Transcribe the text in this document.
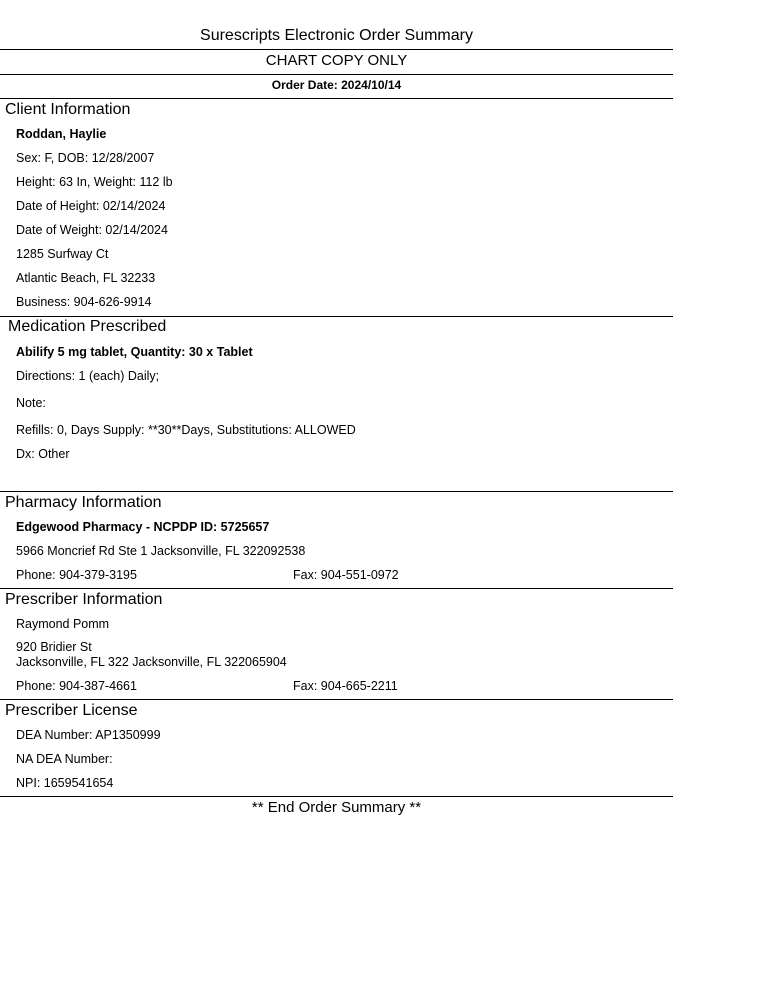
Surescripts Electronic Order Summary
CHART COPY ONLY
Order Date: 2024/10/14
Client Information
Roddan, Haylie
Sex: F, DOB: 12/28/2007
Height: 63 In, Weight: 112 lb
Date of Height: 02/14/2024
Date of Weight: 02/14/2024
1285 Surfway Ct
Atlantic Beach, FL 32233
Business: 904-626-9914
Medication Prescribed
Abilify 5 mg tablet, Quantity: 30 x Tablet
Directions: 1 (each) Daily;
Note:
Refills: 0, Days Supply: **30**Days, Substitutions: ALLOWED
Dx: Other
Pharmacy Information
Edgewood Pharmacy - NCPDP ID: 5725657
5966 Moncrief Rd Ste 1 Jacksonville, FL 322092538
Phone: 904-379-3195	Fax: 904-551-0972
Prescriber Information
Raymond Pomm
920 Bridier St
Jacksonville, FL 322 Jacksonville, FL 322065904
Phone: 904-387-4661	Fax: 904-665-2211
Prescriber License
DEA Number: AP1350999
NA DEA Number:
NPI: 1659541654
** End Order Summary **
